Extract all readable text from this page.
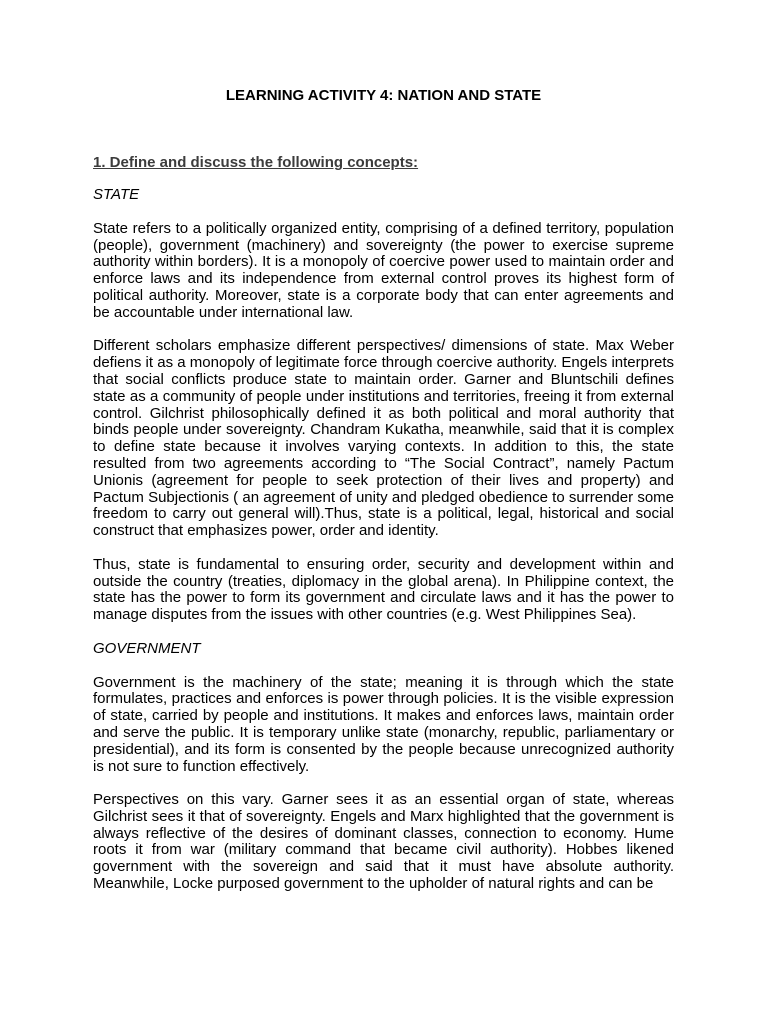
LEARNING ACTIVITY 4: NATION AND STATE
1. Define and discuss the following concepts:

STATE

State refers to a politically organized entity, comprising of a defined territory, population (people), government (machinery) and sovereignty (the power to exercise supreme authority within borders). It is a monopoly of coercive power used to maintain order and enforce laws and its independence from external control proves its highest form of political authority. Moreover, state is a corporate body that can enter agreements and be accountable under international law.

Different scholars emphasize different perspectives/ dimensions of state. Max Weber defiens it as a monopoly of legitimate force through coercive authority. Engels interprets that social conflicts produce state to maintain order. Garner and Bluntschili defines state as a community of people under institutions and territories, freeing it from external control. Gilchrist philosophically defined it as both political and moral authority that binds people under sovereignty. Chandram Kukatha, meanwhile, said that it is complex to define state because it involves varying contexts. In addition to this, the state resulted from two agreements according to “The Social Contract”, namely Pactum Unionis (agreement for people to seek protection of their lives and property) and Pactum Subjectionis ( an agreement of unity and pledged obedience to surrender some freedom to carry out general will).Thus, state is a political, legal, historical and social construct that emphasizes power, order and identity.

Thus, state is fundamental to ensuring order, security and development within and outside the country (treaties, diplomacy in the global arena). In Philippine context, the state has the power to form its government and circulate laws and it has the power to manage disputes from the issues with other countries (e.g. West Philippines Sea).

GOVERNMENT

Government is the machinery of the state; meaning it is through which the state formulates, practices and enforces is power through policies. It is the visible expression of state, carried by people and institutions. It makes and enforces laws, maintain order and serve the public. It is temporary unlike state (monarchy, republic, parliamentary or presidential), and its form is consented by the people because unrecognized authority is not sure to function effectively.

Perspectives on this vary. Garner sees it as an essential organ of state, whereas Gilchrist sees it that of sovereignty. Engels and Marx highlighted that the government is always reflective of the desires of dominant classes, connection to economy. Hume roots it from war (military command that became civil authority). Hobbes likened government with the sovereign and said that it must have absolute authority. Meanwhile, Locke purposed government to the upholder of natural rights and can be
